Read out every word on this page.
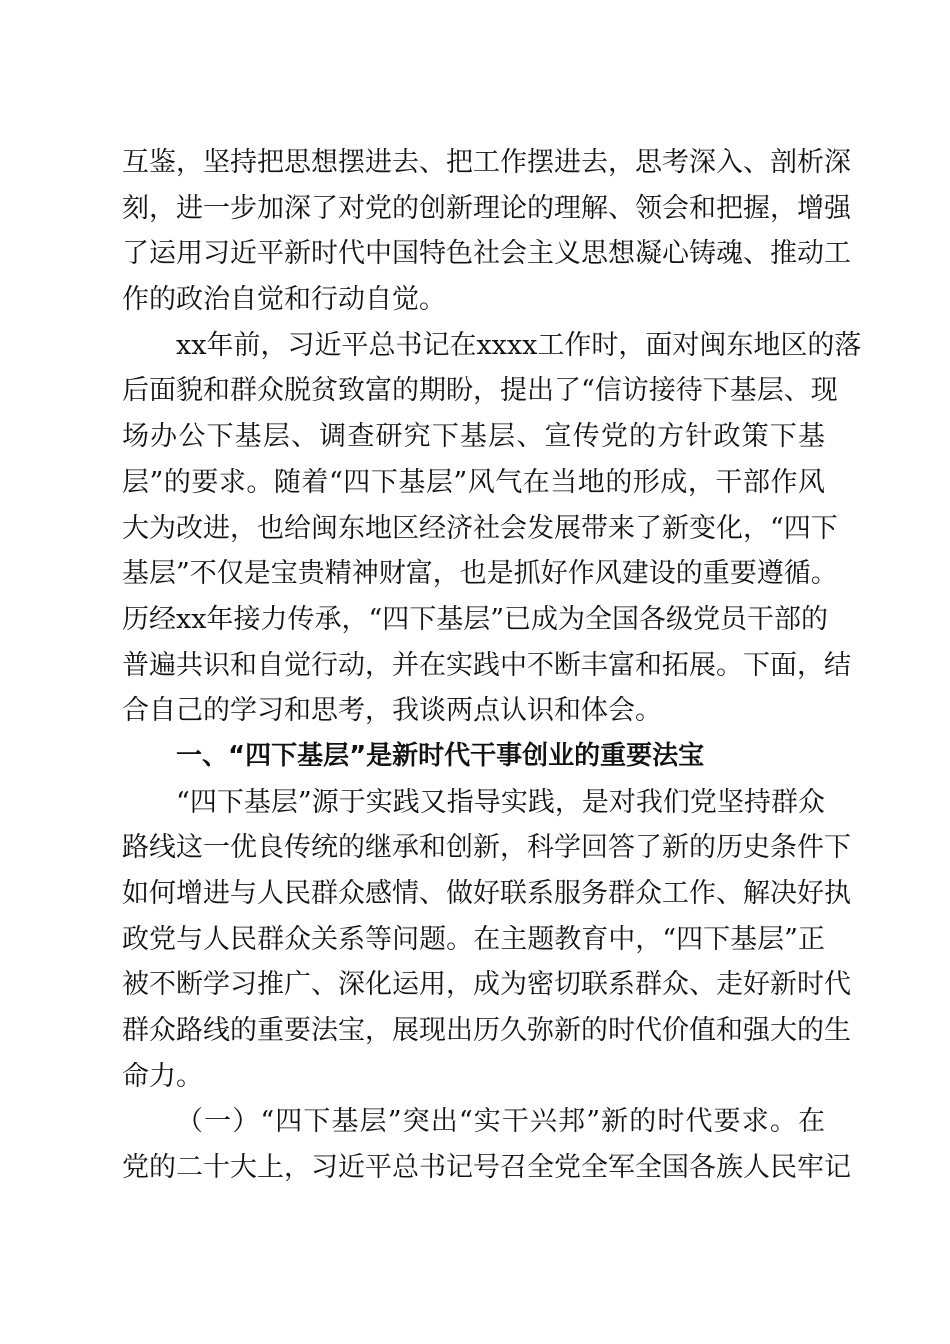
互鉴，坚持把思想摆进去、把工作摆进去，思考深入、剖析深
刻，进一步加深了对党的创新理论的理解、领会和把握，增强
了运用习近平新时代中国特色社会主义思想凝心铸魂、推动工
作的政治自觉和行动自觉。
xx年前，习近平总书记在xxxx工作时，面对闽东地区的落
后面貌和群众脱贫致富的期盼，提出了“信访接待下基层、现
场办公下基层、调查研究下基层、宣传党的方针政策下基
层”的要求。随着“四下基层”风气在当地的形成，干部作风
大为改进，也给闽东地区经济社会发展带来了新变化，“四下
基层”不仅是宝贵精神财富，也是抓好作风建设的重要遵循。
历经xx年接力传承，“四下基层”已成为全国各级党员干部的
普遍共识和自觉行动，并在实践中不断丰富和拓展。下面，结
合自己的学习和思考，我谈两点认识和体会。
一、“四下基层”是新时代干事创业的重要法宝
“四下基层”源于实践又指导实践，是对我们党坚持群众
路线这一优良传统的继承和创新，科学回答了新的历史条件下
如何增进与人民群众感情、做好联系服务群众工作、解决好执
政党与人民群众关系等问题。在主题教育中，“四下基层”正
被不断学习推广、深化运用，成为密切联系群众、走好新时代
群众路线的重要法宝，展现出历久弥新的时代价值和强大的生
命力。
（一）“四下基层”突出“实干兴邦”新的时代要求。在
党的二十大上，习近平总书记号召全党全军全国各族人民牢记
